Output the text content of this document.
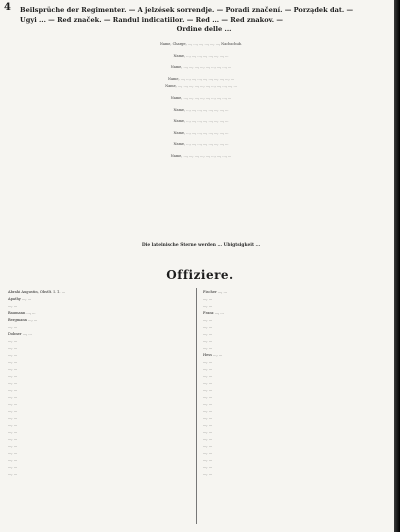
4 Beilsprüche der Regimenter. — A jelzések sorrendje. — Poradi značení. — Porządek dat. —
Ugyi ... — Red značek. — Randul indicatiilor. — Red ... — Red znakov. —
Ordine delle ...
Name, Charge, ..., ..., ..., ..., ..., ..., Nachschub.
Name, ..., ..., ..., ..., ..., ..., ..., ...
Name, ..., ..., ..., ..., ..., ..., ..., ..., ...
Name, ..., ..., ..., ..., ..., ..., ..., ..., ..., ...
Name, ..., ..., ..., ..., ..., ..., ..., ..., ..., ..., ...
Name, ..., ..., ..., ..., ..., ..., ..., ..., ...
Name, ..., ..., ..., ..., ..., ..., ..., ...
Name, ..., ..., ..., ..., ..., ..., ..., ...
Name, ..., ..., ..., ..., ..., ..., ..., ...
Name, ..., ..., ..., ..., ..., ..., ..., ...
Name, ..., ..., ..., ..., ..., ..., ..., ..., ...
Die lateinische Sterne werden ... Ubigtsigkeit ...
Offiziere.
Abrahi Augustin, Obstlt. I. 1. ...
Apathy ..., ...
..., ...
Baumann ..., ...
Bergmann ..., ...
..., ...
Dobner ..., ...
..., ...
..., ...
..., ...
..., ...
..., ...
..., ...
..., ...
..., ...
..., ...
..., ...
..., ...
..., ...
..., ...
..., ...
..., ...
..., ...
..., ...
..., ...
..., ...
..., ...
Fischer ..., ...
..., ...
..., ...
Franz ..., ...
..., ...
..., ...
..., ...
..., ...
..., ...
Hess ..., ...
..., ...
..., ...
..., ...
..., ...
..., ...
..., ...
..., ...
..., ...
..., ...
..., ...
..., ...
..., ...
..., ...
..., ...
..., ...
..., ...
..., ...
